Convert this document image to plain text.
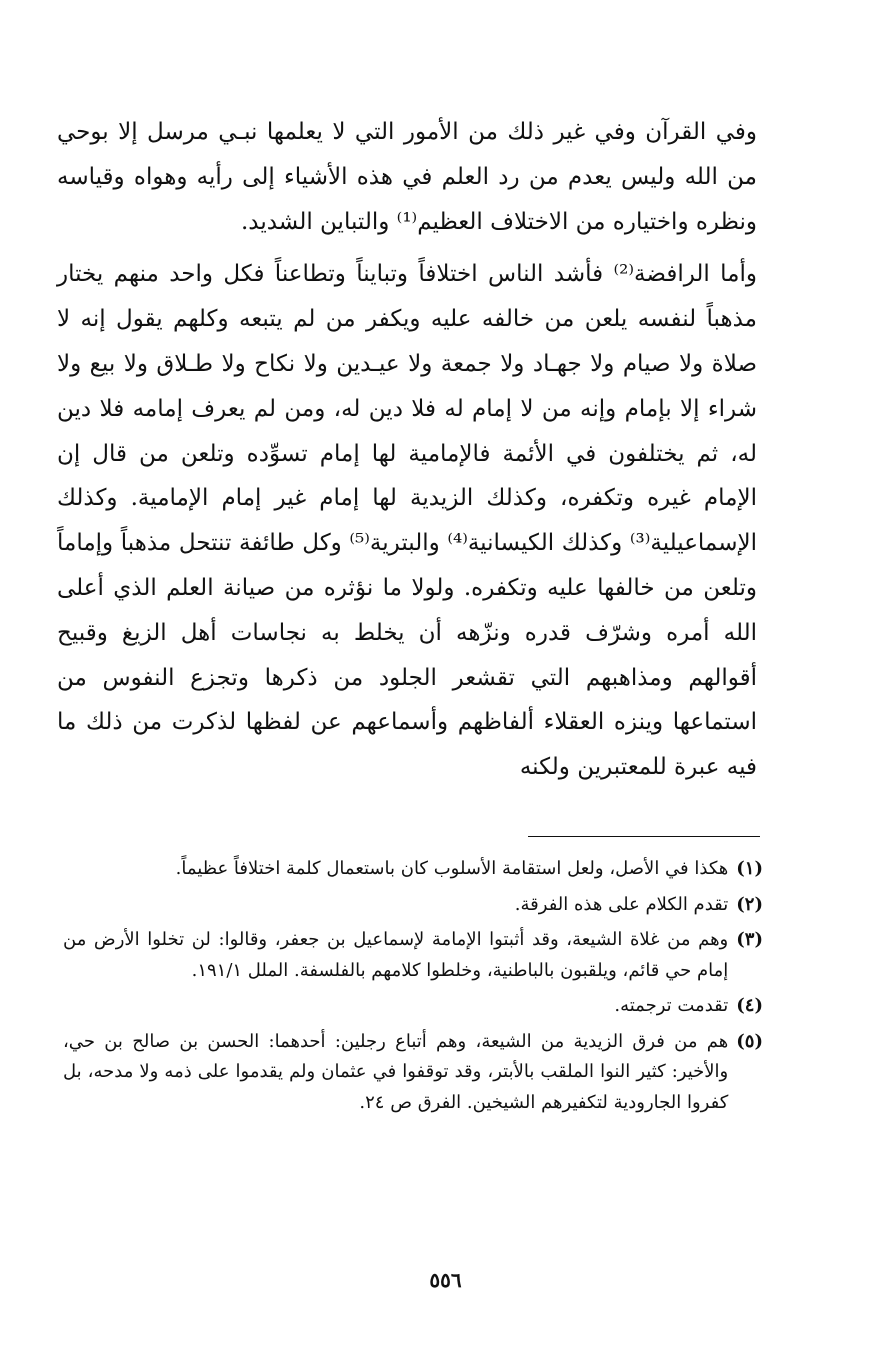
وفي القرآن وفي غير ذلك من الأمور التي لا يعلمها نبـي مرسل إلا بوحي من الله وليس يعدم من رد العلم في هذه الأشياء إلى رأيه وهواه وقياسه ونظره واختياره من الاختلاف العظيم⁽¹⁾ والتباين الشديد.

وأما الرافضة⁽²⁾ فأشد الناس اختلافاً وتبايناً وتطاعناً فكل واحد منهم يختار مذهباً لنفسه يلعن من خالفه عليه ويكفر من لم يتبعه وكلهم يقول إنه لا صلاة ولا صيام ولا جهـاد ولا جمعة ولا عيـدين ولا نكاح ولا طـلاق ولا بيع ولا شراء إلا بإمام وإنه من لا إمام له فلا دين له، ومن لم يعرف إمامه فلا دين له، ثم يختلفون في الأئمة فالإمامية لها إمام تسوِّده وتلعن من قال إن الإمام غيره وتكفره، وكذلك الزيدية لها إمام غير إمام الإمامية. وكذلك الإسماعيلية⁽³⁾ وكذلك الكيسانية⁽⁴⁾ والبترية⁽⁵⁾ وكل طائفة تنتحل مذهباً وإماماً وتلعن من خالفها عليه وتكفره. ولولا ما نؤثره من صيانة العلم الذي أعلى الله أمره وشرّف قدره ونزّهه أن يخلط به نجاسات أهل الزيغ وقبيح أقوالهم ومذاهبهم التي تقشعر الجلود من ذكرها وتجزع النفوس من استماعها وينزه العقلاء ألفاظهم وأسماعهم عن لفظها لذكرت من ذلك ما فيه عبرة للمعتبرين ولكنه

(١)
هكذا في الأصل، ولعل استقامة الأسلوب كان باستعمال كلمة اختلافاً عظيماً.
(٢)
تقدم الكلام على هذه الفرقة.
(٣)
وهم من غلاة الشيعة، وقد أثبتوا الإمامة لإسماعيل بن جعفر، وقالوا: لن تخلوا الأرض من إمام حي قائم، ويلقبون بالباطنية، وخلطوا كلامهم بالفلسفة. الملل ١٩١/١.
(٤)
تقدمت ترجمته.
(٥)
هم من فرق الزيدية من الشيعة، وهم أتباع رجلين: أحدهما: الحسن بن صالح بن حي، والأخير: كثير النوا الملقب بالأبتر، وقد توقفوا في عثمان ولم يقدموا على ذمه ولا مدحه، بل كفروا الجارودية لتكفيرهم الشيخين. الفرق ص ٢٤.
٥٥٦
